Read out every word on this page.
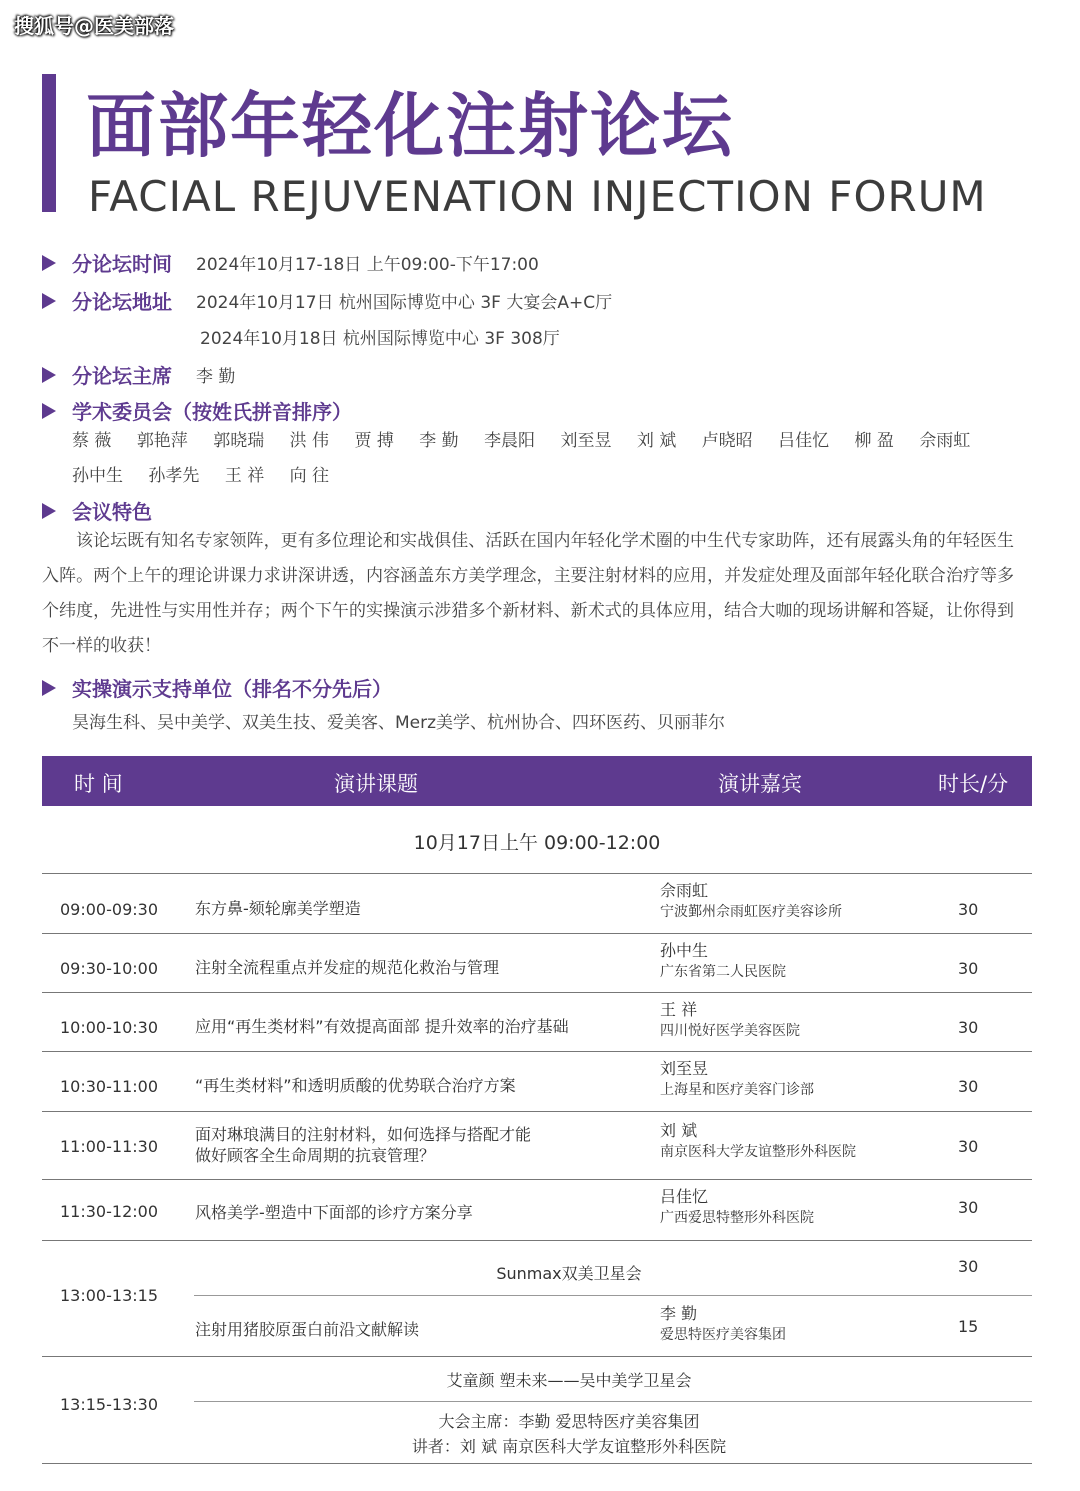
搜狐号@医美部落
面部年轻化注射论坛
FACIAL REJUVENATION INJECTION FORUM
分论坛时间 2024年10月17-18日 上午09:00-下午17:00
分论坛地址 2024年10月17日 杭州国际博览中心 3F 大宴会A+C厅
2024年10月18日 杭州国际博览中心 3F 308厅
分论坛主席 李 勤
学术委员会（按姓氏拼音排序）
蔡 薇 郭艳萍 郭晓瑞 洪 伟 贾 搏 李 勤 李晨阳 刘至昱 刘 斌 卢晓昭 吕佳忆 柳 盈 佘雨虹 孙中生 孙孝先 王 祥 向 往
会议特色
该论坛既有知名专家领阵，更有多位理论和实战俱佳、活跃在国内年轻化学术圈的中生代专家助阵，还有展露头角的年轻医生入阵。两个上午的理论讲课力求讲深讲透，内容涵盖东方美学理念，主要注射材料的应用，并发症处理及面部年轻化联合治疗等多个纬度，先进性与实用性并存；两个下午的实操演示涉猎多个新材料、新术式的具体应用，结合大咖的现场讲解和答疑，让你得到不一样的收获！
实操演示支持单位（排名不分先后）
昊海生科、吴中美学、双美生技、爱美客、Merz美学、杭州协合、四环医药、贝丽菲尔
时 间	演讲课题	演讲嘉宾	时长/分
10月17日上午 09:00-12:00
09:00-09:30 东方鼻-颏轮廓美学塑造
佘雨虹
宁波鄞州佘雨虹医疗美容诊所	30
09:30-10:00 注射全流程重点并发症的规范化救治与管理
孙中生
广东省第二人民医院	30
10:00-10:30 应用“再生类材料”有效提高面部 提升效率的治疗基础
王 祥
四川悦好医学美容医院	30
10:30-11:00 “再生类材料”和透明质酸的优势联合治疗方案
刘至昱
上海星和医疗美容门诊部	30
11:00-11:30
面对琳琅满目的注射材料，如何选择与搭配才能
做好顾客全生命周期的抗衰管理？
刘 斌
南京医科大学友谊整形外科医院	30
11:30-12:00 风格美学-塑造中下面部的诊疗方案分享
吕佳忆
广西爱思特整形外科医院
30
13:00-13:15
Sunmax双美卫星会	30
注射用猪胶原蛋白前沿文献解读
李 勤
爱思特医疗美容集团	15
13:15-13:30
艾童颜 塑未来——吴中美学卫星会
大会主席：李勤 爱思特医疗美容集团
讲者：刘 斌 南京医科大学友谊整形外科医院
